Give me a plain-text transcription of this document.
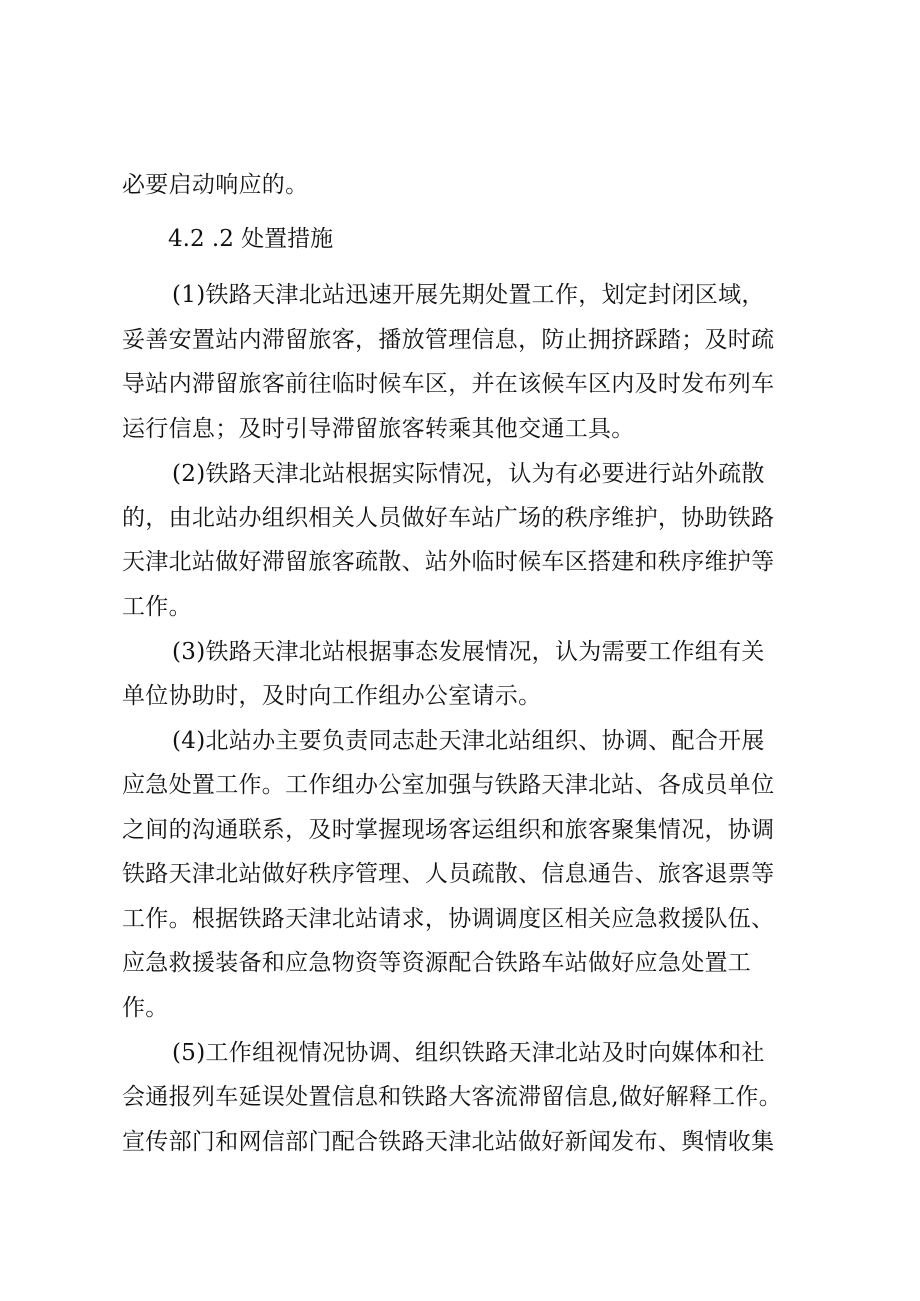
必要启动响应的。
4.2 .2 处置措施
(1)铁路天津北站迅速开展先期处置工作，划定封闭区域，
妥善安置站内滞留旅客，播放管理信息，防止拥挤踩踏；及时疏
导站内滞留旅客前往临时候车区，并在该候车区内及时发布列车
运行信息；及时引导滞留旅客转乘其他交通工具。
(2)铁路天津北站根据实际情况，认为有必要进行站外疏散
的，由北站办组织相关人员做好车站广场的秩序维护，协助铁路
天津北站做好滞留旅客疏散、站外临时候车区搭建和秩序维护等
工作。
(3)铁路天津北站根据事态发展情况，认为需要工作组有关
单位协助时，及时向工作组办公室请示。
(4)北站办主要负责同志赴天津北站组织、协调、配合开展
应急处置工作。工作组办公室加强与铁路天津北站、各成员单位
之间的沟通联系，及时掌握现场客运组织和旅客聚集情况，协调
铁路天津北站做好秩序管理、人员疏散、信息通告、旅客退票等
工作。根据铁路天津北站请求，协调调度区相关应急救援队伍、
应急救援装备和应急物资等资源配合铁路车站做好应急处置工
作。
(5)工作组视情况协调、组织铁路天津北站及时向媒体和社
会通报列车延误处置信息和铁路大客流滞留信息,做好解释工作。
宣传部门和网信部门配合铁路天津北站做好新闻发布、舆情收集
